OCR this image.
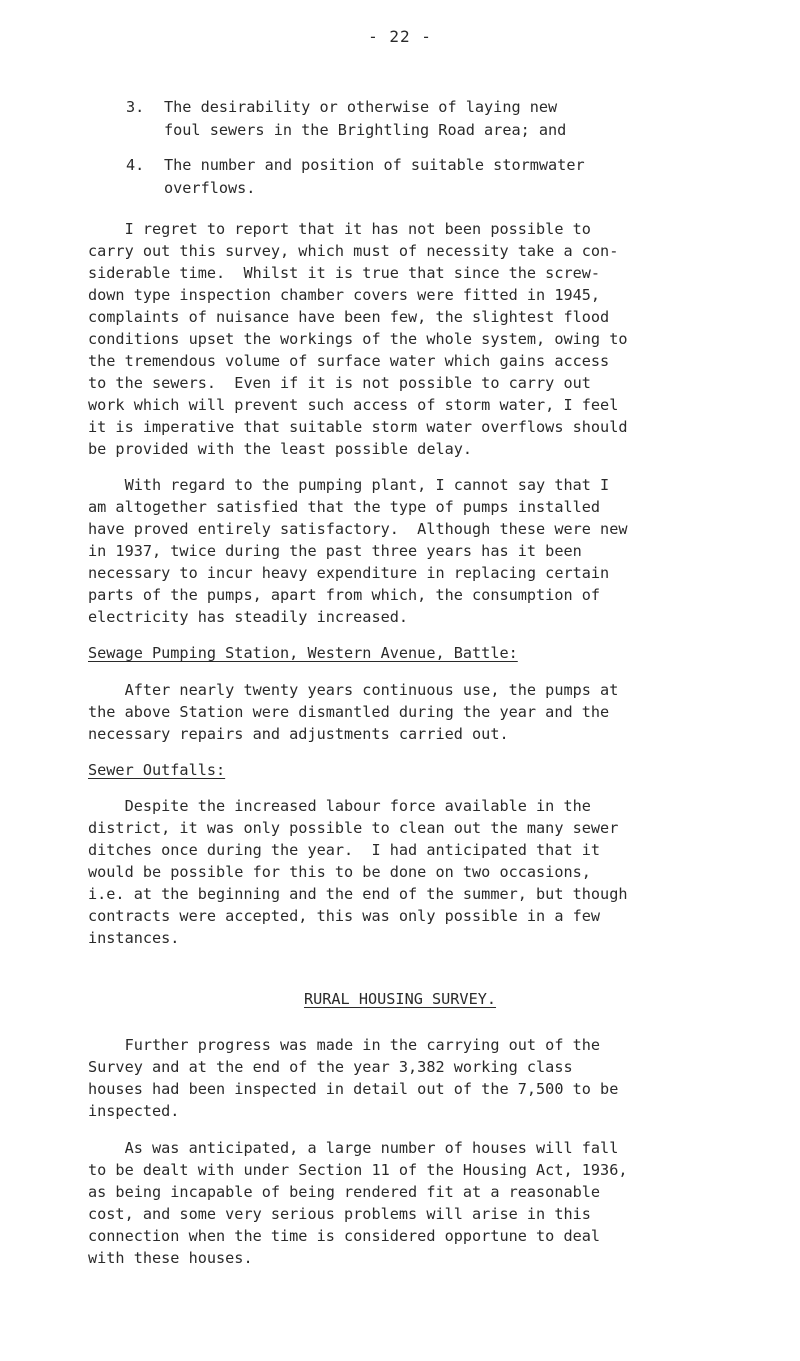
- 22 -
3. The desirability or otherwise of laying new
foul sewers in the Brightling Road area; and
4. The number and position of suitable stormwater
overflows.
I regret to report that it has not been possible to
carry out this survey, which must of necessity take a con-
siderable time.  Whilst it is true that since the screw-
down type inspection chamber covers were fitted in 1945,
complaints of nuisance have been few, the slightest flood
conditions upset the workings of the whole system, owing to
the tremendous volume of surface water which gains access
to the sewers.  Even if it is not possible to carry out
work which will prevent such access of storm water, I feel
it is imperative that suitable storm water overflows should
be provided with the least possible delay.
With regard to the pumping plant, I cannot say that I
am altogether satisfied that the type of pumps installed
have proved entirely satisfactory.  Although these were new
in 1937, twice during the past three years has it been
necessary to incur heavy expenditure in replacing certain
parts of the pumps, apart from which, the consumption of
electricity has steadily increased.
Sewage Pumping Station, Western Avenue, Battle:
After nearly twenty years continuous use, the pumps at
the above Station were dismantled during the year and the
necessary repairs and adjustments carried out.
Sewer Outfalls:
Despite the increased labour force available in the
district, it was only possible to clean out the many sewer
ditches once during the year.  I had anticipated that it
would be possible for this to be done on two occasions,
i.e. at the beginning and the end of the summer, but though
contracts were accepted, this was only possible in a few
instances.
RURAL HOUSING SURVEY.
Further progress was made in the carrying out of the
Survey and at the end of the year 3,382 working class
houses had been inspected in detail out of the 7,500 to be
inspected.
As was anticipated, a large number of houses will fall
to be dealt with under Section 11 of the Housing Act, 1936,
as being incapable of being rendered fit at a reasonable
cost, and some very serious problems will arise in this
connection when the time is considered opportune to deal
with these houses.
